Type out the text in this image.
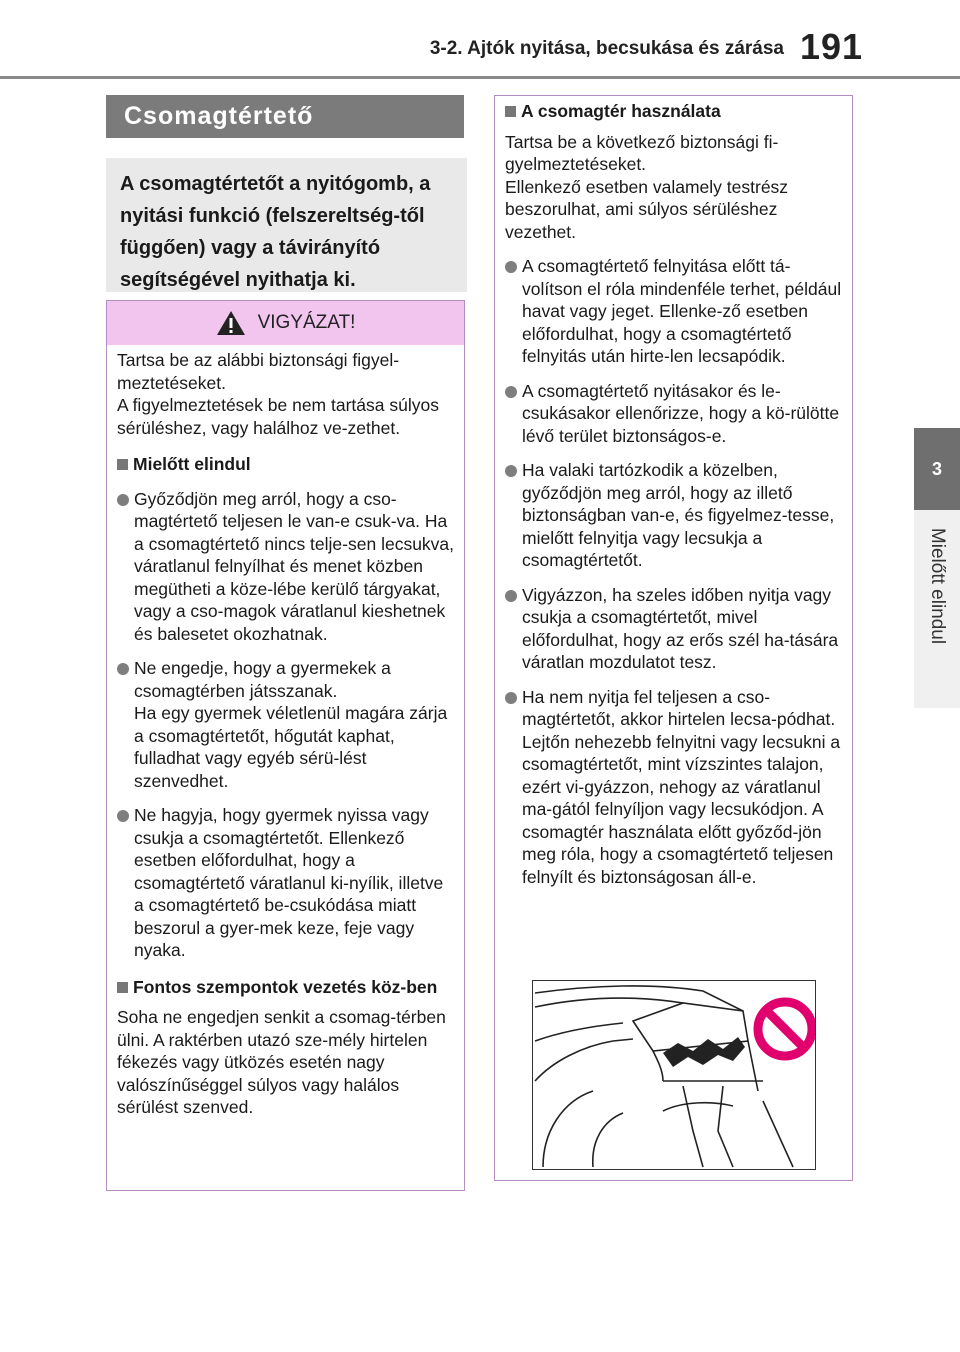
3-2. Ajtók nyitása, becsukása és zárása 191
3
Mielőtt elindul
Csomagtértető
A csomagtértetőt a nyitógomb, a nyitási funkció (felszereltség-től függően) vagy a távirányító segítségével nyithatja ki.
VIGYÁZAT!

Tartsa be az alábbi biztonsági figyel-meztetéseket.
A figyelmeztetések be nem tartása súlyos sérüléshez, vagy halálhoz ve-zethet.

Mielőtt elindul
Győződjön meg arról, hogy a cso-magtértető teljesen le van-e csuk-va. Ha a csomagtértető nincs telje-sen lecsukva, váratlanul felnyílhat és menet közben megütheti a köze-lébe kerülő tárgyakat, vagy a cso-magok váratlanul kieshetnek és balesetet okozhatnak.
Ne engedje, hogy a gyermekek a csomagtérben játsszanak.
Ha egy gyermek véletlenül magára zárja a csomagtértetőt, hőgutát kaphat, fulladhat vagy egyéb sérü-lést szenvedhet.
Ne hagyja, hogy gyermek nyissa vagy csukja a csomagtértetőt. Ellenkező esetben előfordulhat, hogy a csomagtértető váratlanul ki-nyílik, illetve a csomagtértető be-csukódása miatt beszorul a gyer-mek keze, feje vagy nyaka.
Fontos szempontok vezetés köz-ben

Soha ne engedjen senkit a csomag-térben ülni. A raktérben utazó sze-mély hirtelen fékezés vagy ütközés esetén nagy valószínűséggel súlyos vagy halálos sérülést szenved.

A csomagtér használata

Tartsa be a következő biztonsági fi-gyelmeztetéseket.
Ellenkező esetben valamely testrész beszorulhat, ami súlyos sérüléshez vezethet.

A csomagtértető felnyitása előtt tá-volítson el róla mindenféle terhet, például havat vagy jeget. Ellenke-ző esetben előfordulhat, hogy a csomagtértető felnyitás után hirte-len lecsapódik.
A csomagtértető nyitásakor és le-csukásakor ellenőrizze, hogy a kö-rülötte lévő terület biztonságos-e.
Ha valaki tartózkodik a közelben, győződjön meg arról, hogy az illető biztonságban van-e, és figyelmez-tesse, mielőtt felnyitja vagy lecsukja a csomagtértetőt.
Vigyázzon, ha szeles időben nyitja vagy csukja a csomagtértetőt, mivel előfordulhat, hogy az erős szél ha-tására váratlan mozdulatot tesz.
Ha nem nyitja fel teljesen a cso-magtértetőt, akkor hirtelen lecsa-pódhat. Lejtőn nehezebb felnyitni vagy lecsukni a csomagtértetőt, mint vízszintes talajon, ezért vi-gyázzon, nehogy az váratlanul ma-gától felnyíljon vagy lecsukódjon. A csomagtér használata előtt győződ-jön meg róla, hogy a csomagtértető teljesen felnyílt és biztonságosan áll-e.
